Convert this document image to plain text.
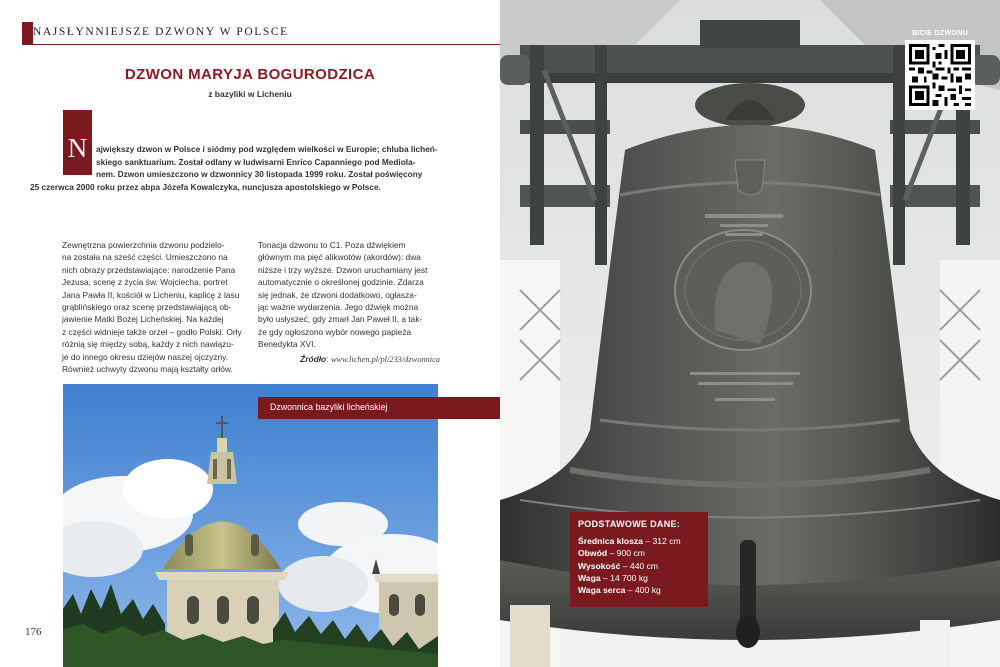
NAJSŁYNNIEJSZE DZWONY W POLSCE
DZWON MARYJA BOGURODZICA
z bazyliki w Licheniu
N	ajwiększy dzwon w Polsce i siódmy pod względem wielkości w Europie; chluba licheń-
skiego sanktuarium. Został odlany w ludwisarni Enrico Capanniego pod Mediola-
nem. Dzwon umieszczono w dzwonnicy 30 listopada 1999 roku. Został poświęcony
25 czerwca 2000 roku przez abpa Józefa Kowalczyka, nuncjusza apostolskiego w Polsce.
Zewnętrzna powierzchnia dzwonu podzielo-
na została na sześć części. Umieszczono na
nich obrazy przedstawiające: narodzenie Pana
Jezusa, scenę z życia św. Wojciecha, portret
Jana Pawła II, kościół w Licheniu, kaplicę z lasu
grąblińskiego oraz scenę przedstawiającą ob-
jawienie Matki Bożej Licheńskiej. Na każdej
z części widnieje także orzeł – godło Polski. Orły
różnią się między sobą, każdy z nich nawiązu-
je do innego okresu dziejów naszej ojczyzny.
Również uchwyty dzwonu mają kształty orłów.
Tonacja dzwonu to C1. Poza dźwiękiem
głównym ma pięć alikwotów (akordów): dwa
niższe i trzy wyższe. Dzwon uruchamiany jest
automatycznie o określonej godzinie. Zdarza
się jednak, że dzwoni dodatkowo, ogłasza-
jąc ważne wydarzenia. Jego dźwięk można
było usłyszeć, gdy zmarł Jan Paweł II, a tak-
że gdy ogłoszono wybór nowego papieża
Benedykta XVI.
Źródło: www.lichen.pl/pl/233/dzwonnica
176
BICIE DZWONU
Dzwonnica bazyliki licheńskiej
PODSTAWOWE DANE:
Średnica klosza – 312 cm
Obwód – 900 cm
Wysokość – 440 cm
Waga – 14 700 kg
Waga serca – 400 kg
